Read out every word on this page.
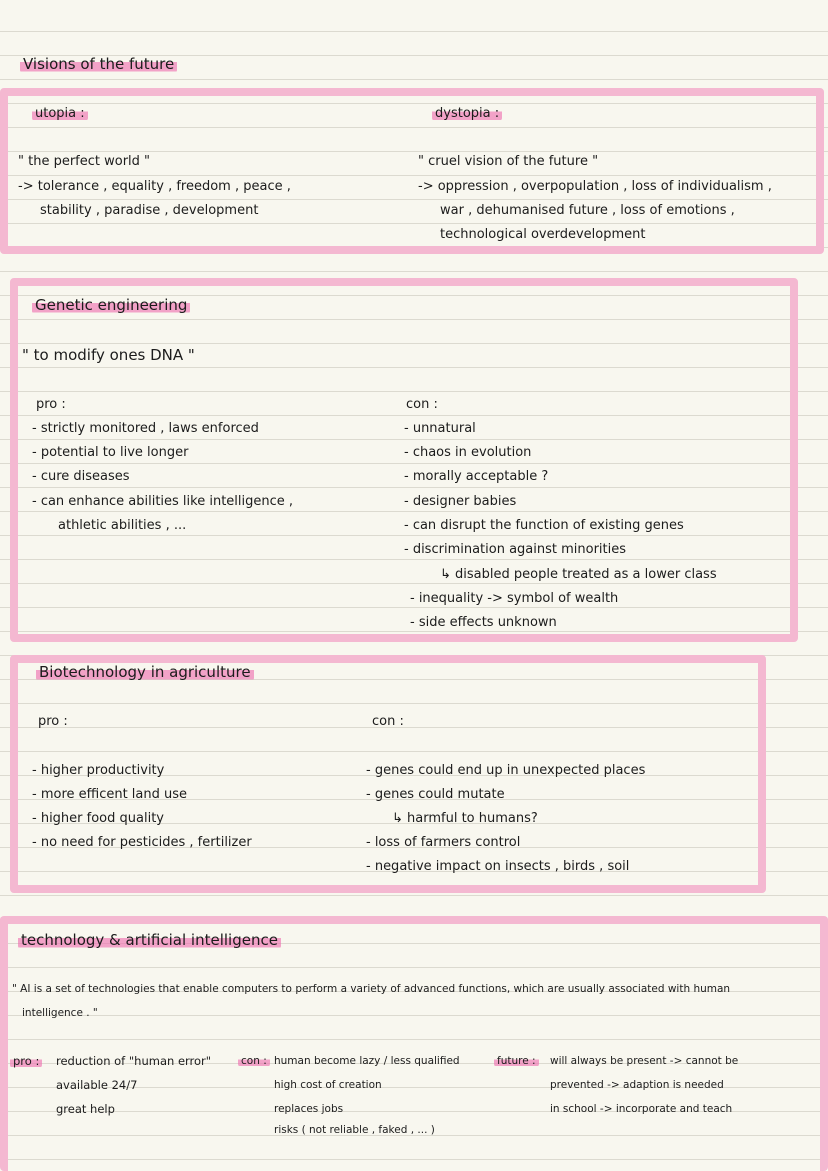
Visions of the future
utopia :
" the perfect world "
-> tolerance , equality , freedom , peace ,
stability , paradise , development
dystopia :
" cruel vision of the future "
-> oppression , overpopulation , loss of individualism ,
war , dehumanised future , loss of emotions ,
technological overdevelopment
Genetic engineering
" to modify ones DNA "
pro :
- strictly monitored , laws enforced
- potential to live longer
- cure diseases
- can enhance abilities like intelligence ,
athletic abilities , ...
con :
- unnatural
- chaos in evolution
- morally acceptable ?
- designer babies
- can disrupt the function of existing genes
- discrimination against minorities
↳ disabled people treated as a lower class
- inequality -> symbol of wealth
- side effects unknown
Biotechnology in agriculture
pro :
- higher productivity
- more efficent land use
- higher food quality
- no need for pesticides , fertilizer
con :
- genes could end up in unexpected places
- genes could mutate
↳ harmful to humans?
- loss of farmers control
- negative impact on insects , birds , soil
technology & artificial intelligence
" AI is a set of technologies that enable computers to perform a variety of advanced functions, which are usually associated with human
intelligence . "
pro : reduction of "human error"
available 24/7
great help
con : human become lazy / less qualified
high cost of creation
replaces jobs
risks ( not reliable , faked , ... )
future : will always be present -> cannot be
prevented -> adaption is needed
in school -> incorporate and teach
